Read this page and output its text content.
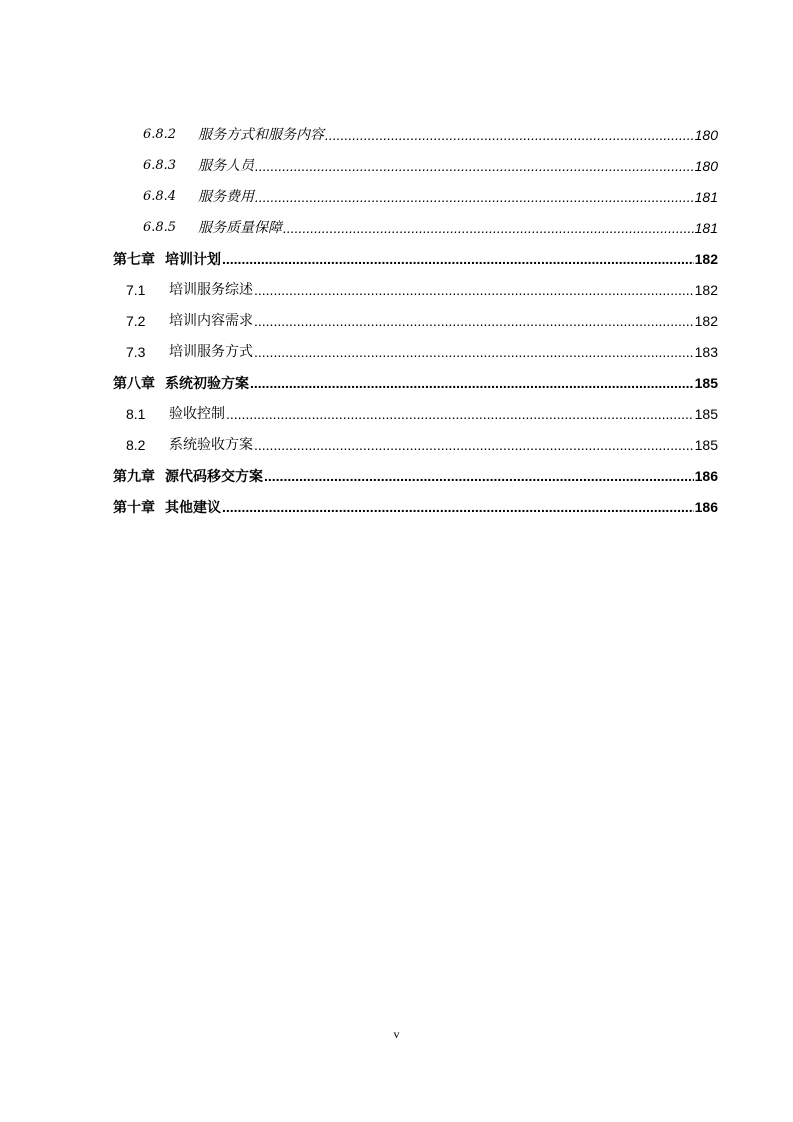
6.8.2	服务方式和服务内容 .....	180
6.8.3	服务人员 .....	180
6.8.4	服务费用 .....	181
6.8.5	服务质量保障 .....	181
第七章 培训计划 .....	182
7.1	培训服务综述 .....	182
7.2	培训内容需求 .....	182
7.3	培训服务方式 .....	183
第八章 系统初验方案 .....	185
8.1	验收控制 .....	185
8.2	系统验收方案 .....	185
第九章 源代码移交方案 .....	186
第十章 其他建议 .....	186
v
